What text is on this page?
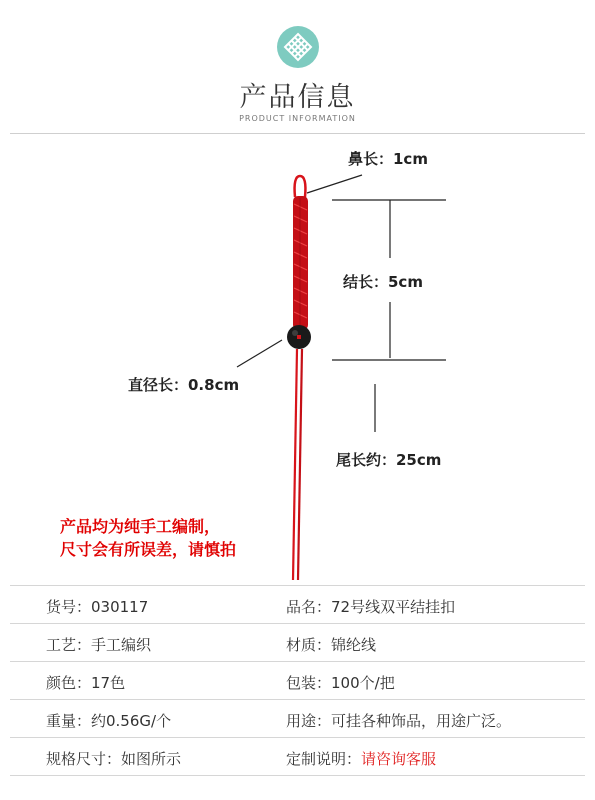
产品信息
PRODUCT INFORMATION
鼻长：1cm
结长：5cm
直径长：0.8cm
尾长约：25cm
产品均为纯手工编制，
尺寸会有所误差，请慎拍
货号：030117	品名：72号线双平结挂扣
工艺：手工编织	材质：锦纶线
颜色：17色	包装：100个/把
重量：约0.56G/个	用途：可挂各种饰品，用途广泛。
规格尺寸：如图所示	定制说明：请咨询客服
